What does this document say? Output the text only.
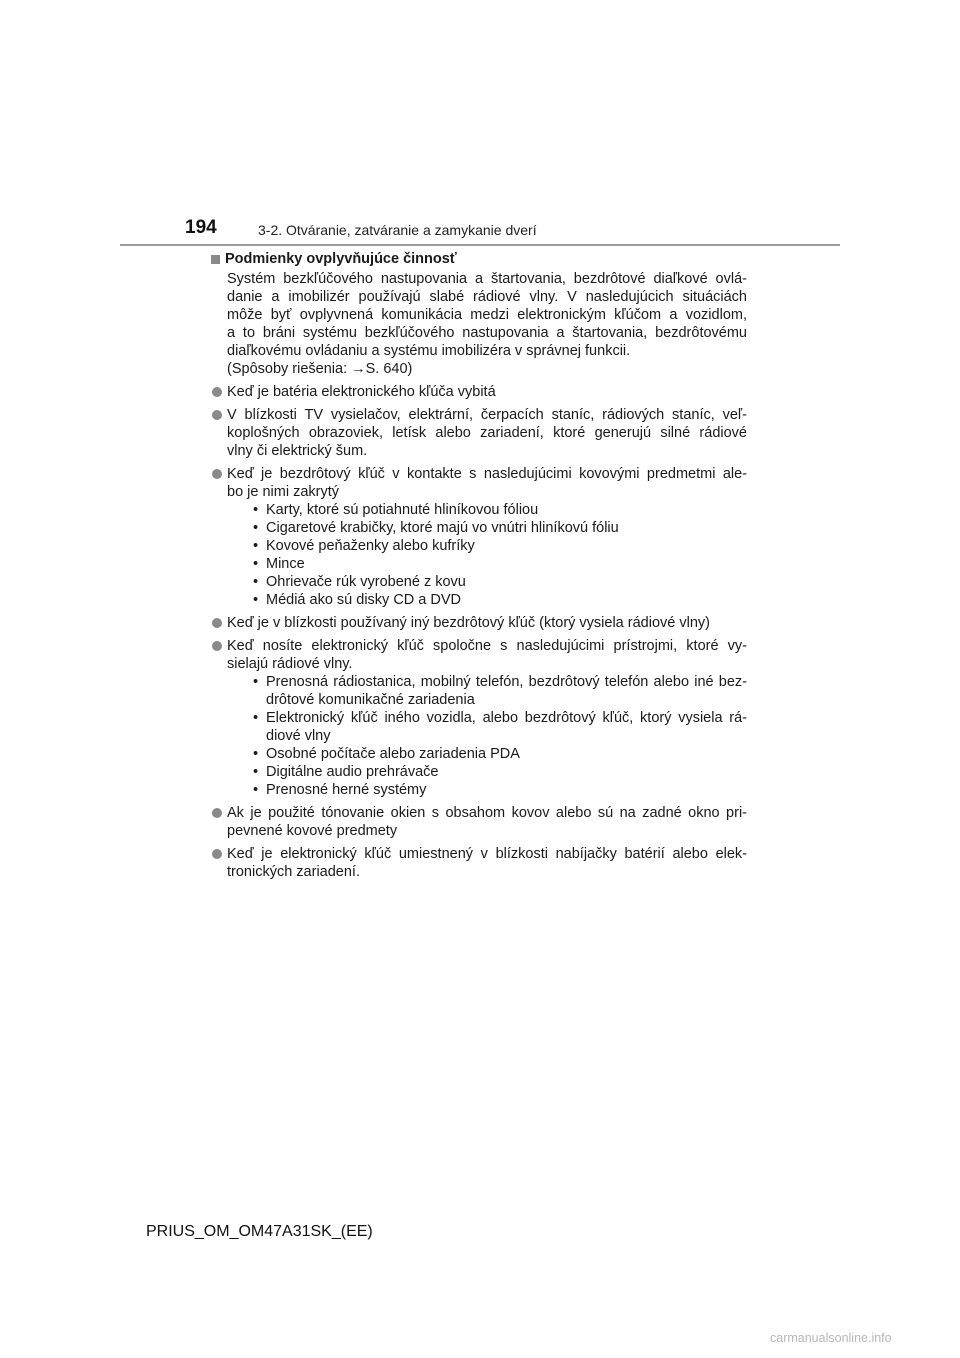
194	3-2. Otváranie, zatváranie a zamykanie dverí
Podmienky ovplyvňujúce činnosť
Systém bezkľúčového nastupovania a štartovania, bezdrôtové diaľkové ovlá-
danie a imobilizér používajú slabé rádiové vlny. V nasledujúcich situáciách
môže byť ovplyvnená komunikácia medzi elektronickým kľúčom a vozidlom,
a to bráni systému bezkľúčového nastupovania a štartovania, bezdrôtovému
diaľkovému ovládaniu a systému imobilizéra v správnej funkcii.
(Spôsoby riešenia: →S. 640)
Keď je batéria elektronického kľúča vybitá
V blízkosti TV vysielačov, elektrární, čerpacích staníc, rádiových staníc, veľ-
koplošných obrazoviek, letísk alebo zariadení, ktoré generujú silné rádiové
vlny či elektrický šum.
Keď je bezdrôtový kľúč v kontakte s nasledujúcimi kovovými predmetmi ale-
bo je nimi zakrytý
• Karty, ktoré sú potiahnuté hliníkovou fóliou
• Cigaretové krabičky, ktoré majú vo vnútri hliníkovú fóliu
• Kovové peňaženky alebo kufríky
• Mince
• Ohrievače rúk vyrobené z kovu
• Médiá ako sú disky CD a DVD
Keď je v blízkosti používaný iný bezdrôtový kľúč (ktorý vysiela rádiové vlny)
Keď nosíte elektronický kľúč spoločne s nasledujúcimi prístrojmi, ktoré vy-
sielajú rádiové vlny.
• Prenosná rádiostanica, mobilný telefón, bezdrôtový telefón alebo iné bez-
drôtové komunikačné zariadenia
• Elektronický kľúč iného vozidla, alebo bezdrôtový kľúč, ktorý vysiela rá-
diové vlny
• Osobné počítače alebo zariadenia PDA
• Digitálne audio prehrávače
• Prenosné herné systémy
Ak je použité tónovanie okien s obsahom kovov alebo sú na zadné okno pri-
pevnené kovové predmety
Keď je elektronický kľúč umiestnený v blízkosti nabíjačky batérií alebo elek-
tronických zariadení.
PRIUS_OM_OM47A31SK_(EE)
carmanualsonline.info
